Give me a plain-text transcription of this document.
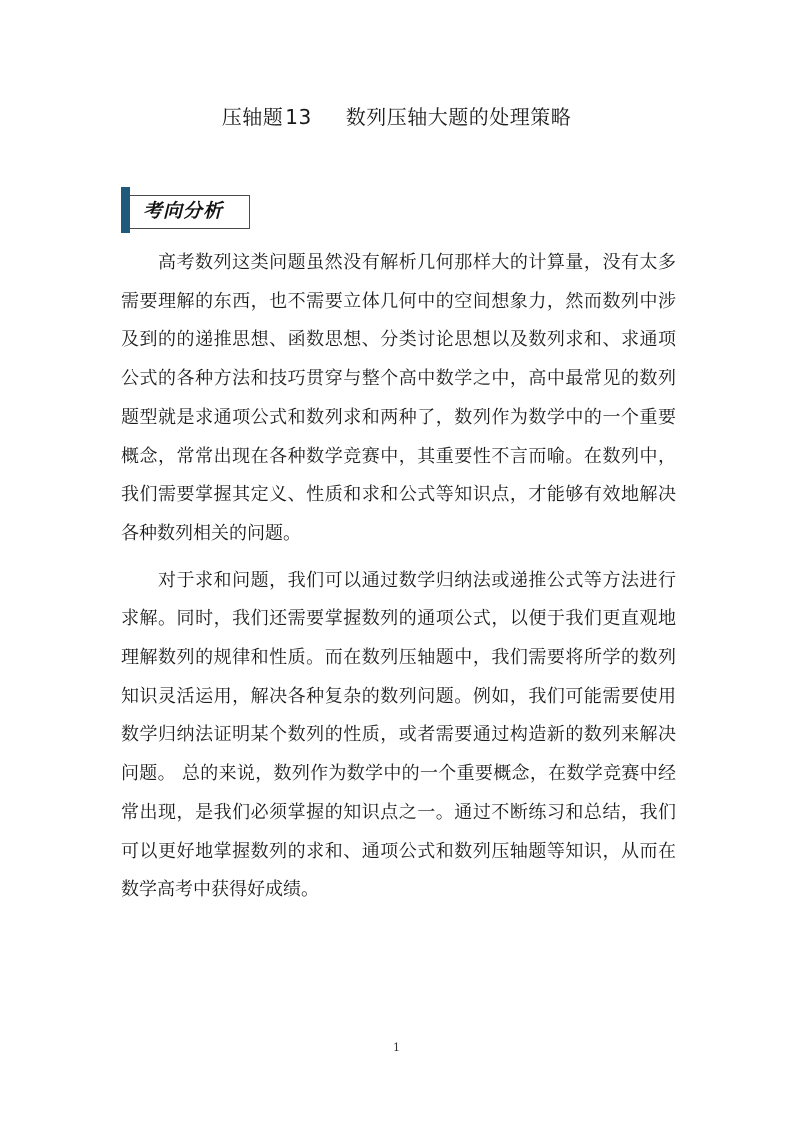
压轴题 13 数列压轴大题的处理策略
考向分析

高考数列这类问题虽然没有解析几何那样大的计算量，没有太多需要理解的东西，也不需要立体几何中的空间想象力，然而数列中涉及到的的递推思想、函数思想、分类讨论思想以及数列求和、求通项公式的各种方法和技巧贯穿与整个高中数学之中，高中最常见的数列题型就是求通项公式和数列求和两种了，数列作为数学中的一个重要概念，常常出现在各种数学竞赛中，其重要性不言而喻。在数列中，我们需要掌握其定义、性质和求和公式等知识点，才能够有效地解决各种数列相关的问题。

对于求和问题，我们可以通过数学归纳法或递推公式等方法进行求解。同时，我们还需要掌握数列的通项公式，以便于我们更直观地理解数列的规律和性质。而在数列压轴题中，我们需要将所学的数列知识灵活运用，解决各种复杂的数列问题。例如，我们可能需要使用数学归纳法证明某个数列的性质，或者需要通过构造新的数列来解决问题。 总的来说，数列作为数学中的一个重要概念，在数学竞赛中经常出现，是我们必须掌握的知识点之一。通过不断练习和总结，我们可以更好地掌握数列的求和、通项公式和数列压轴题等知识，从而在数学高考中获得好成绩。

1
